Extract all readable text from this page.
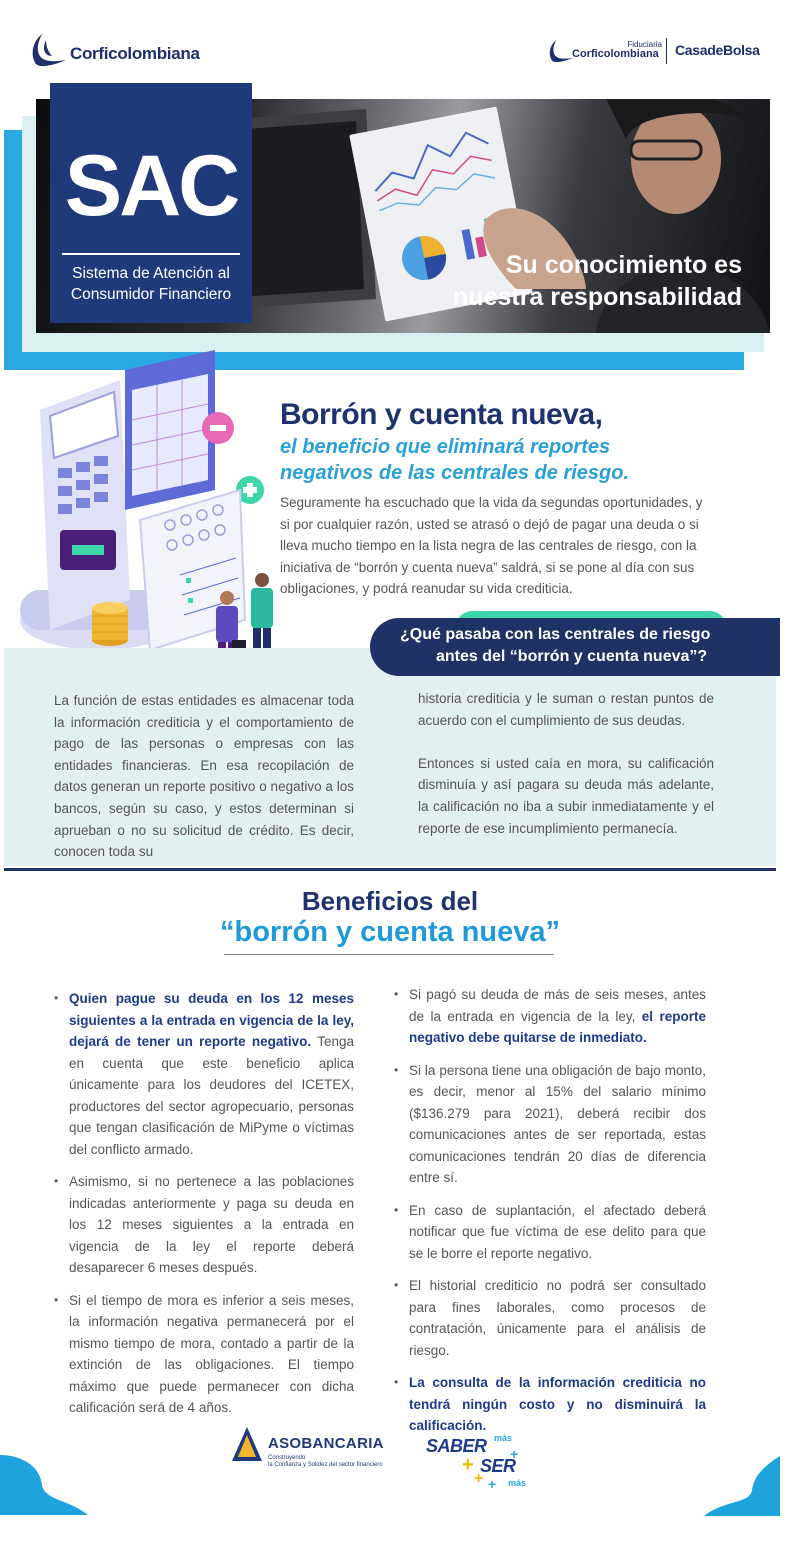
Corficolombiana	Fiduciaria
Corficolombiana CasadeBolsa
Su conocimiento es
nuestra responsabilidad
SAC
Sistema de Atención al
Consumidor Financiero
Borrón y cuenta nueva,
el beneficio que eliminará reportes negativos de las centrales de riesgo.
Seguramente ha escuchado que la vida da segundas oportunidades, y si por cualquier razón, usted se atrasó o dejó de pagar una deuda o si lleva mucho tiempo en la lista negra de las centrales de riesgo, con la iniciativa de “borrón y cuenta nueva” saldrá, si se pone al día con sus obligaciones, y podrá reanudar su vida crediticia.
¿Qué pasaba con las centrales de riesgo
antes del “borrón y cuenta nueva”?
La función de estas entidades es almacenar toda la información crediticia y el comportamiento de pago de las personas o empresas con las entidades financieras. En esa recopilación de datos generan un reporte positivo o negativo a los bancos, según su caso, y estos determinan si aprueban o no su solicitud de crédito. Es decir, conocen toda su

historia crediticia y le suman o restan puntos de acuerdo con el cumplimiento de sus deudas.

Entonces si usted caía en mora, su calificación disminuía y así pagara su deuda más adelante, la calificación no iba a subir inmediatamente y el reporte de ese incumplimiento permanecía.

Beneficios del
“borrón y cuenta nueva”
• Quien pague su deuda en los 12 meses siguientes a la entrada en vigencia de la ley, dejará de tener un reporte negativo. Tenga en cuenta que este beneficio aplica únicamente para los deudores del ICETEX, productores del sector agropecuario, personas que tengan clasificación de MiPyme o víctimas del conflicto armado.
• Asimismo, si no pertenece a las poblaciones indicadas anteriormente y paga su deuda en los 12 meses siguientes a la entrada en vigencia de la ley el reporte deberá desaparecer 6 meses después.
• Si el tiempo de mora es inferior a seis meses, la información negativa permanecerá por el mismo tiempo de mora, contado a partir de la extinción de las obligaciones. El tiempo máximo que puede permanecer con dicha calificación será de 4 años.
• Si pagó su deuda de más de seis meses, antes de la entrada en vigencia de la ley, el reporte negativo debe quitarse de inmediato.
• Si la persona tiene una obligación de bajo monto, es decir, menor al 15% del salario mínimo ($136.279 para 2021), deberá recibir dos comunicaciones antes de ser reportada, estas comunicaciones tendrán 20 días de diferencia entre sí.
• En caso de suplantación, el afectado deberá notificar que fue víctima de ese delito para que se le borre el reporte negativo.
• El historial crediticio no podrá ser consultado para fines laborales, como procesos de contratación, únicamente para el análisis de riesgo.
• La consulta de la información crediticia no tendrá ningún costo y no disminuirá la calificación.
ASOBANCARIA
Construyendo
la Confianza y Solidez del sector financiero
SABER más
SER
más
+
+
+
+
